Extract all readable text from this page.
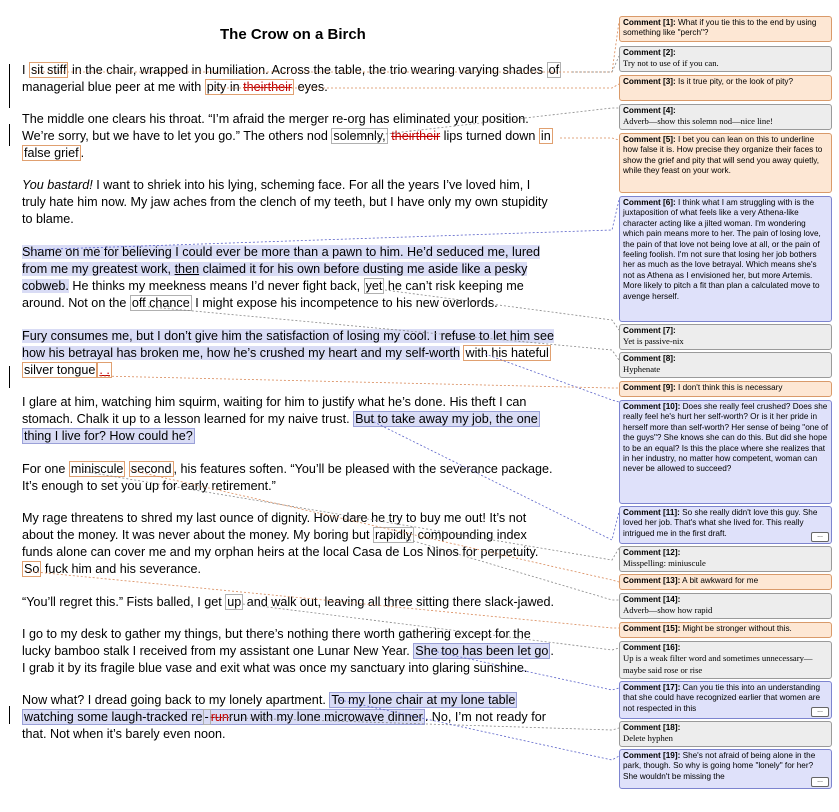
The Crow on a Birch
I sit stiff in the chair, wrapped in humiliation. Across the table, the trio wearing varying shades of
managerial blue peer at me with pity in theirtheir eyes.
The middle one clears his throat. “I’m afraid the merger re-org has eliminated your position.
We’re sorry, but we have to let you go.” The others nod solemnly, theirtheir lips turned down in
false grief .
You bastard! I want to shriek into his lying, scheming face. For all the years I’ve loved him, I
truly hate him now. My jaw aches from the clench of my teeth, but I have only my own stupidity
to blame.
Shame on me for believing I could ever be more than a pawn to him. He’d seduced me, lured
from me my greatest work, then claimed it for his own before dusting me aside like a pesky
cobweb. He thinks my meekness means I’d never fight back, yet he can’t risk keeping me
around. Not on the off chance I might expose his incompetence to his new overlords.
Fury consumes me, but I don’t give him the satisfaction of losing my cool. I refuse to let him see
how his betrayal has broken me, how he’s crushed my heart and my self-worth with his hateful
silver tongue . .
I glare at him, watching him squirm, waiting for him to justify what he’s done. His theft I can
stomach. Chalk it up to a lesson learned for my naive trust. But to take away my job, the one
thing I live for? How could he?
For one miniscule second , his features soften. “You’ll be pleased with the severance package.
It’s enough to set you up for early retirement.”
My rage threatens to shred my last ounce of dignity. How dare he try to buy me out! It’s not
about the money. It was never about the money. My boring but rapidly compounding index
funds alone can cover me and my orphan heirs at the local Casa de Los Ninos for perpetuity.
So fuck him and his severance.
“You’ll regret this.” Fists balled, I get up and walk out, leaving all three sitting there slack-jawed.
I go to my desk to gather my things, but there’s nothing there worth gathering except for the
lucky bamboo stalk I received from my assistant one Lunar New Year. She too has been let go .
I grab it by its fragile blue vase and exit what was once my sanctuary into glaring sunshine.
Now what? I dread going back to my lonely apartment. To my lone chair at my lone table
watching some laugh-tracked re - runrun with my lone microwave dinner . No, I’m not ready for
that. Not when it’s barely even noon.
Comment [1]: What if you tie this to the end by using something like "perch"?
Comment [2]:
Try not to use of if you can.
Comment [3]: Is it true pity, or the look of pity?
Comment [4]:
Adverb—show this solemn nod—nice line!
Comment [5]: I bet you can lean on this to underline how false it is. How precise they organize their faces to show the grief and pity that will send you away quietly, while they feast on your work.
Comment [6]: I think what I am struggling with is the juxtaposition of what feels like a very Athena-like character acting like a jilted woman. I'm wondering which pain means more to her. The pain of losing love, the pain of that love not being love at all, or the pain of feeling foolish. I'm not sure that losing her job bothers her as much as the love betrayal. Which means she's not as Athena as I envisioned her, but more Artemis. More likely to pitch a fit than plan a calculated move to avenge herself.
Comment [7]:
Yet is passive-nix
Comment [8]:
Hyphenate
Comment [9]: I don't think this is necessary
Comment [10]: Does she really feel crushed? Does she really feel he's hurt her self-worth? Or is it her pride in herself more than self-worth? Her sense of being "one of the guys"? She knows she can do this. But did she hope to be an equal? Is this the place where she realizes that in her industry, no matter how competent, woman can never be allowed to succeed?
Comment [11]: So she really didn't love this guy. She loved her job. That's what she lived for. This really intrigued me in the first draft.	...
Comment [12]:
Misspelling: miniuscule
Comment [13]: A bit awkward for me
Comment [14]:
Adverb—show how rapid
Comment [15]: Might be stronger without this.
Comment [16]:
Up is a weak filter word and sometimes unnecessary—maybe said rose or rise
Comment [17]: Can you tie this into an understanding that she could have recognized earlier that women are not respected in this	...
Comment [18]:
Delete hyphen
Comment [19]: She's not afraid of being alone in the park, though. So why is going home "lonely" for her? She wouldn't be missing the	...
